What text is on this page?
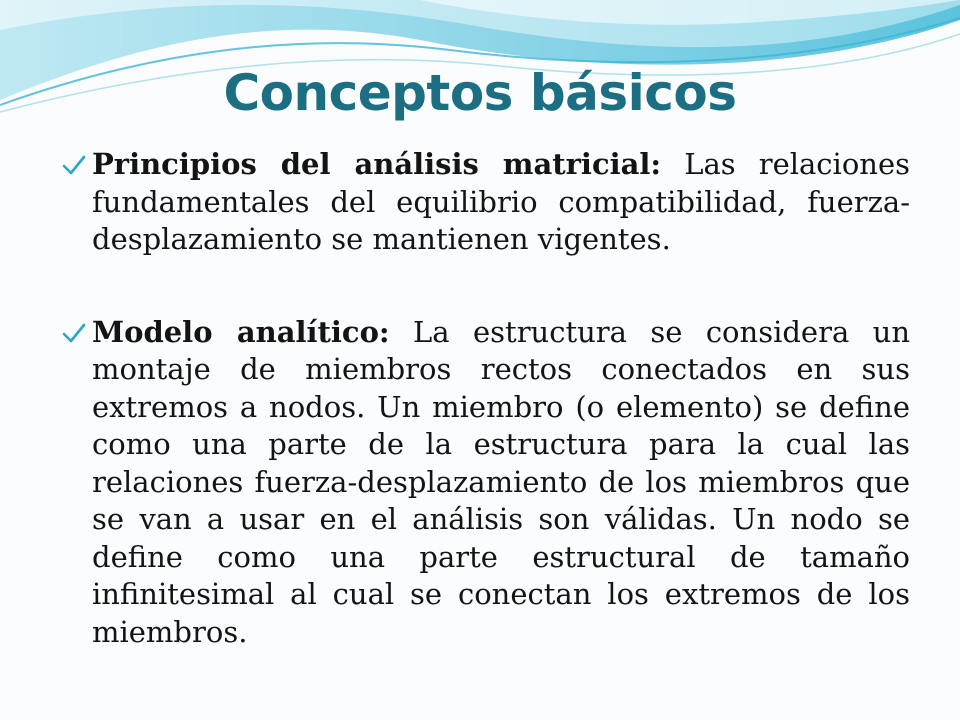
Conceptos básicos

Principios del análisis matricial: Las relaciones fundamentales del equilibrio compatibilidad, fuerza-desplazamiento se mantienen vigentes.

Modelo analítico: La estructura se considera un montaje de miembros rectos conectados en sus extremos a nodos. Un miembro (o elemento) se define como una parte de la estructura para la cual las relaciones fuerza-desplazamiento de los miembros que se van a usar en el análisis son válidas. Un nodo se define como una parte estructural de tamaño infinitesimal al cual se conectan los extremos de los miembros.
